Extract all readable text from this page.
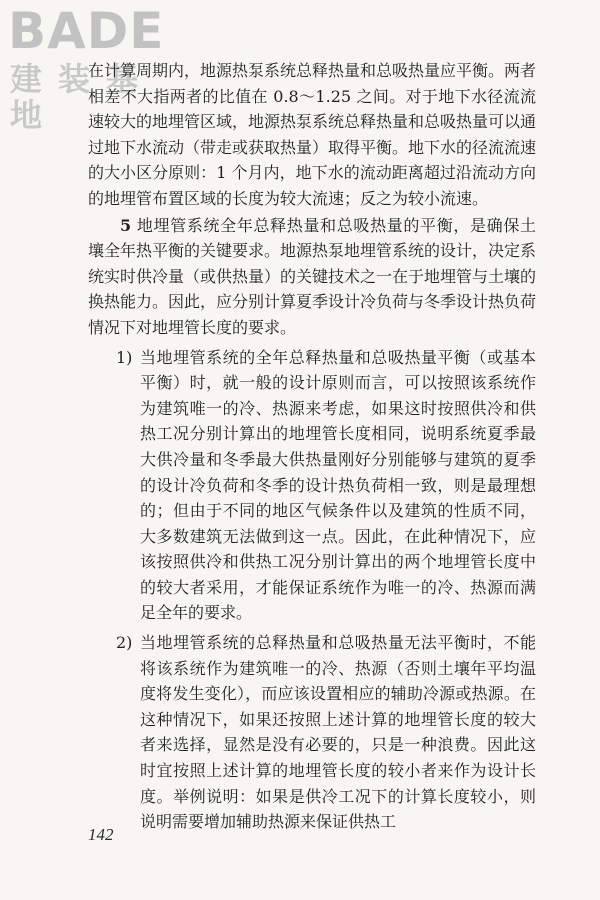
BADE
建装基地

在计算周期内，地源热泵系统总释热量和总吸热量应平衡。两者相差不大指两者的比值在 0.8～1.25 之间。对于地下水径流流速较大的地埋管区域，地源热泵系统总释热量和总吸热量可以通过地下水流动（带走或获取热量）取得平衡。地下水的径流流速的大小区分原则：1 个月内，地下水的流动距离超过沿流动方向的地埋管布置区域的长度为较大流速；反之为较小流速。

5 地埋管系统全年总释热量和总吸热量的平衡，是确保土壤全年热平衡的关键要求。地源热泵地埋管系统的设计，决定系统实时供冷量（或供热量）的关键技术之一在于地埋管与土壤的换热能力。因此，应分别计算夏季设计冷负荷与冬季设计热负荷情况下对地埋管长度的要求。

1) 当地埋管系统的全年总释热量和总吸热量平衡（或基本平衡）时，就一般的设计原则而言，可以按照该系统作为建筑唯一的冷、热源来考虑，如果这时按照供冷和供热工况分别计算出的地埋管长度相同，说明系统夏季最大供冷量和冬季最大供热量刚好分别能够与建筑的夏季的设计冷负荷和冬季的设计热负荷相一致，则是最理想的；但由于不同的地区气候条件以及建筑的性质不同，大多数建筑无法做到这一点。因此，在此种情况下，应该按照供冷和供热工况分别计算出的两个地埋管长度中的较大者采用，才能保证系统作为唯一的冷、热源而满足全年的要求。

2) 当地埋管系统的总释热量和总吸热量无法平衡时，不能将该系统作为建筑唯一的冷、热源（否则土壤年平均温度将发生变化），而应该设置相应的辅助冷源或热源。在这种情况下，如果还按照上述计算的地埋管长度的较大者来选择，显然是没有必要的，只是一种浪费。因此这时宜按照上述计算的地埋管长度的较小者来作为设计长度。举例说明：如果是供冷工况下的计算长度较小，则说明需要增加辅助热源来保证供热工

142
